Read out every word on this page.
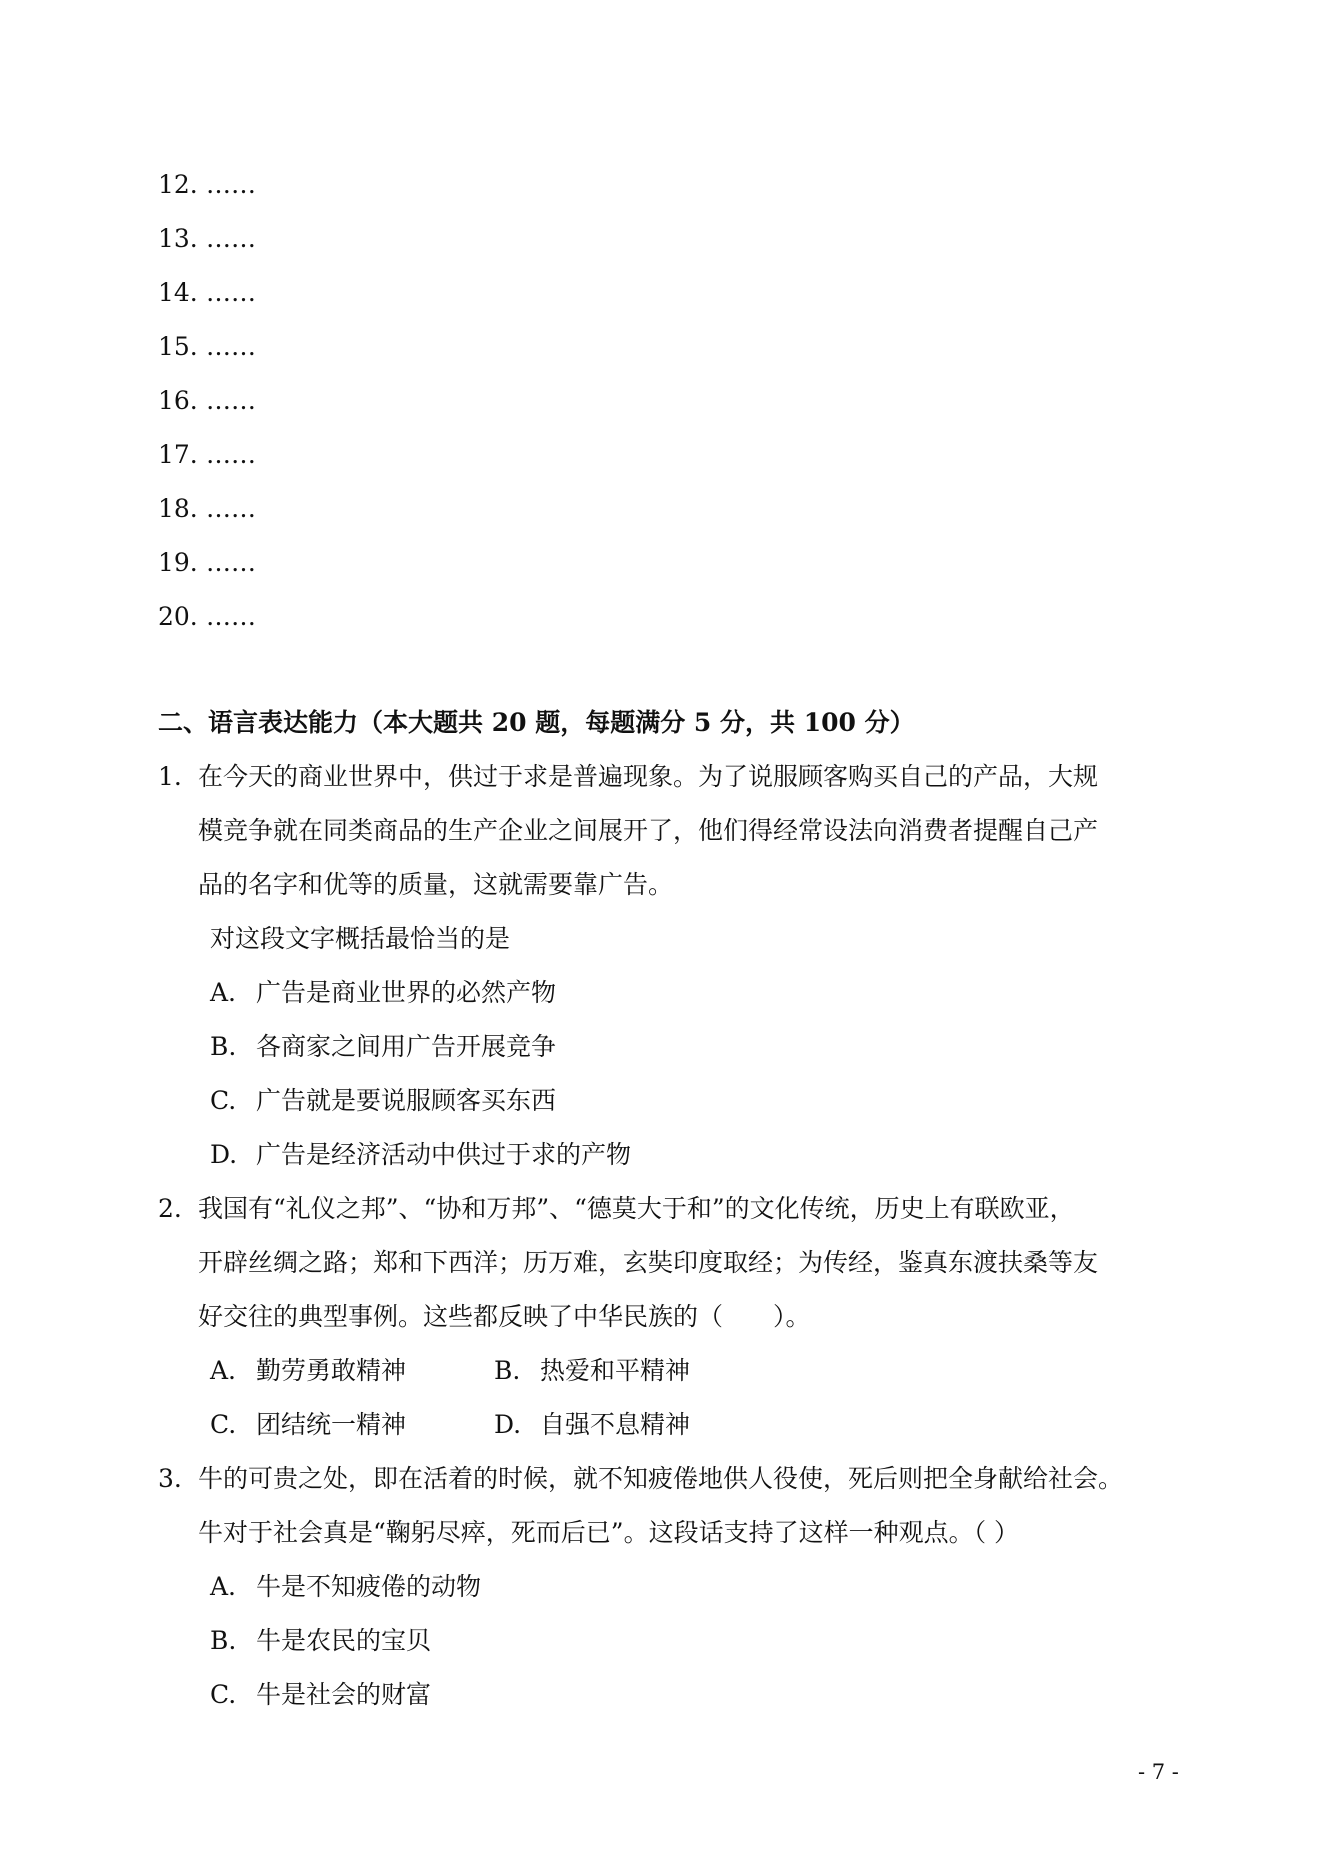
12. ……
13. ……
14. ……
15. ……
16. ……
17. ……
18. ……
19. ……
20. ……
二、语言表达能力（本大题共 20 题，每题满分 5 分，共 100 分）
1. 在今天的商业世界中，供过于求是普遍现象。为了说服顾客购买自己的产品，大规
模竞争就在同类商品的生产企业之间展开了，他们得经常设法向消费者提醒自己产
品的名字和优等的质量，这就需要靠广告。
对这段文字概括最恰当的是
A. 广告是商业世界的必然产物
B. 各商家之间用广告开展竞争
C. 广告就是要说服顾客买东西
D. 广告是经济活动中供过于求的产物
2. 我国有“礼仪之邦”、“协和万邦”、“德莫大于和”的文化传统，历史上有联欧亚，
开辟丝绸之路；郑和下西洋；历万难，玄奘印度取经；为传经，鉴真东渡扶桑等友
好交往的典型事例。这些都反映了中华民族的（　　）。
A. 勤劳勇敢精神	B. 热爱和平精神
C. 团结统一精神	D. 自强不息精神
3. 牛的可贵之处，即在活着的时候，就不知疲倦地供人役使，死后则把全身献给社会。
牛对于社会真是“鞠躬尽瘁，死而后已”。这段话支持了这样一种观点。（ ）
A. 牛是不知疲倦的动物
B. 牛是农民的宝贝
C. 牛是社会的财富
- 7 -
